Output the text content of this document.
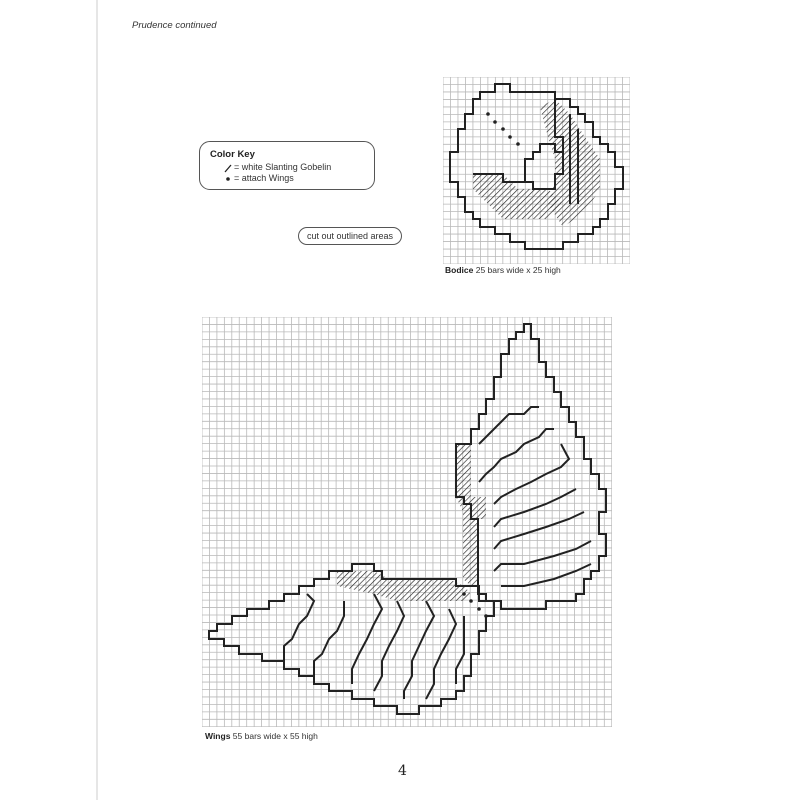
Prudence continued
Color Key
= white Slanting Gobelin
= attach Wings
cut out outlined areas
Bodice 25 bars wide x 25 high
Wings 55 bars wide x 55 high
4
